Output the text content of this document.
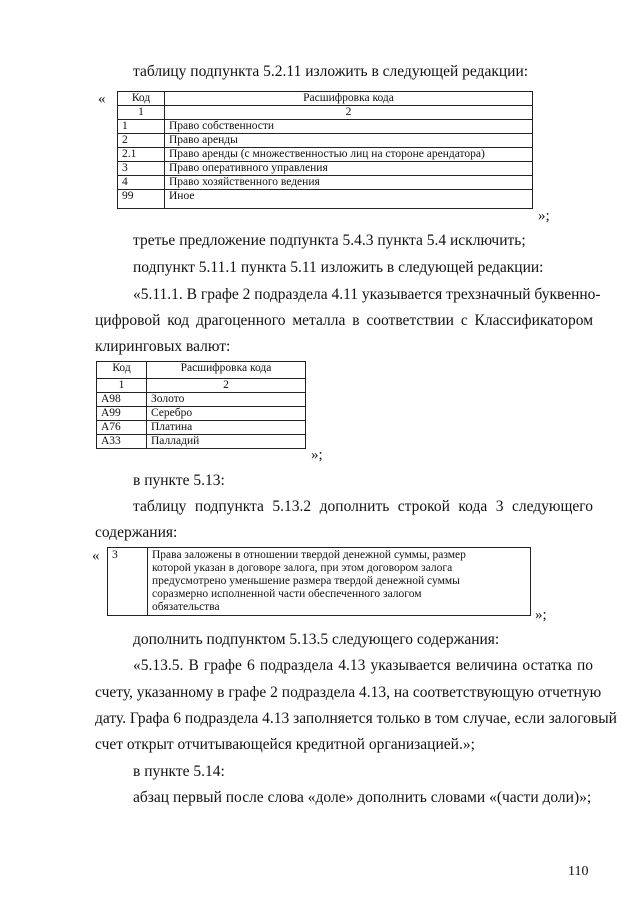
таблицу подпункта 5.2.11 изложить в следующей редакции:
« Код	Расшифровка кода
1	2
1	Право собственности
2	Право аренды
2.1	Право аренды (с множественностью лиц на стороне арендатора)
3	Право оперативного управления
4	Право хозяйственного ведения
99	Иное
»;
третье предложение подпункта 5.4.3 пункта 5.4 исключить;
подпункт 5.11.1 пункта 5.11 изложить в следующей редакции:
«5.11.1. В графе 2 подраздела 4.11 указывается трехзначный буквенно-
цифровой код драгоценного металла в соответствии с Классификатором
клиринговых валют:
Код	Расшифровка кода
1	2
A98	Золото
A99	Серебро
A76	Платина
A33	Палладий
»;
в пункте 5.13:
таблицу подпункта 5.13.2 дополнить строкой кода 3 следующего
содержания:
« 3	Права заложены в отношении твердой денежной суммы, размер
которой указан в договоре залога, при этом договором залога
предусмотрено уменьшение размера твердой денежной суммы
соразмерно исполненной части обеспеченного залогом
обязательства	»;
дополнить подпунктом 5.13.5 следующего содержания:
«5.13.5. В графе 6 подраздела 4.13 указывается величина остатка по
счету, указанному в графе 2 подраздела 4.13, на соответствующую отчетную
дату. Графа 6 подраздела 4.13 заполняется только в том случае, если залоговый
счет открыт отчитывающейся кредитной организацией.»;
в пункте 5.14:
абзац первый после слова «доле» дополнить словами «(части доли)»;
110
